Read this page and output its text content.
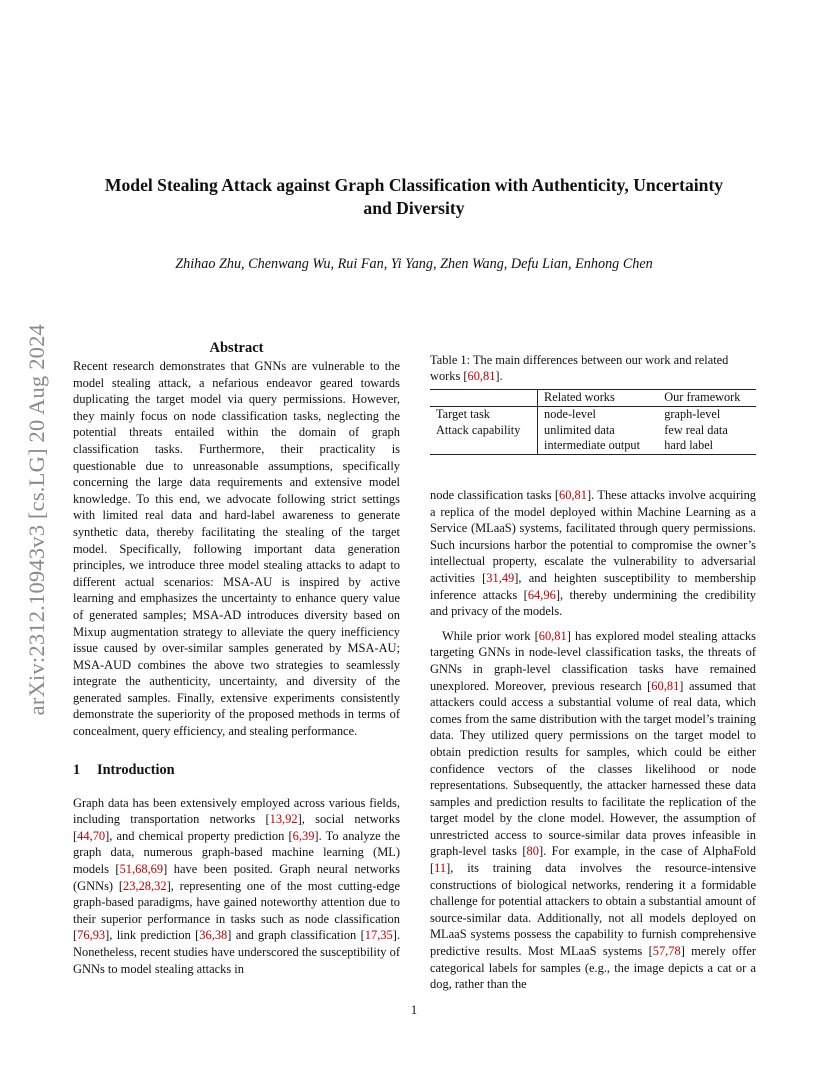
arXiv:2312.10943v3 [cs.LG] 20 Aug 2024
Model Stealing Attack against Graph Classification with Authenticity, Uncertainty
and Diversity
Zhihao Zhu, Chenwang Wu, Rui Fan, Yi Yang, Zhen Wang, Defu Lian, Enhong Chen
Abstract

Recent research demonstrates that GNNs are vulnerable to the model stealing attack, a nefarious endeavor geared towards duplicating the target model via query permissions. However, they mainly focus on node classification tasks, neglecting the potential threats entailed within the domain of graph classification tasks. Furthermore, their practicality is questionable due to unreasonable assumptions, specifically concerning the large data requirements and extensive model knowledge. To this end, we advocate following strict settings with limited real data and hard-label awareness to generate synthetic data, thereby facilitating the stealing of the target model. Specifically, following important data generation principles, we introduce three model stealing attacks to adapt to different actual scenarios: MSA-AU is inspired by active learning and emphasizes the uncertainty to enhance query value of generated samples; MSA-AD introduces diversity based on Mixup augmentation strategy to alleviate the query inefficiency issue caused by over-similar samples generated by MSA-AU; MSA-AUD combines the above two strategies to seamlessly integrate the authenticity, uncertainty, and diversity of the generated samples. Finally, extensive experiments consistently demonstrate the superiority of the proposed methods in terms of concealment, query efficiency, and stealing performance.

1 Introduction

Graph data has been extensively employed across various fields, including transportation networks [13,92], social networks [44,70], and chemical property prediction [6,39]. To analyze the graph data, numerous graph-based machine learning (ML) models [51,68,69] have been posited. Graph neural networks (GNNs) [23,28,32], representing one of the most cutting-edge graph-based paradigms, have gained noteworthy attention due to their superior performance in tasks such as node classification [76,93], link prediction [36,38] and graph classification [17,35]. Nonetheless, recent studies have underscored the susceptibility of GNNs to model stealing attacks in

Table 1: The main differences between our work and related works [60,81].

	Related works	Our framework
Target task	node-level	graph-level
Attack capability	unlimited data	few real data
	intermediate output	hard label

node classification tasks [60,81]. These attacks involve acquiring a replica of the model deployed within Machine Learning as a Service (MLaaS) systems, facilitated through query permissions. Such incursions harbor the potential to compromise the owner’s intellectual property, escalate the vulnerability to adversarial activities [31,49], and heighten susceptibility to membership inference attacks [64,96], thereby undermining the credibility and privacy of the models.

While prior work [60,81] has explored model stealing attacks targeting GNNs in node-level classification tasks, the threats of GNNs in graph-level classification tasks have remained unexplored. Moreover, previous research [60,81] assumed that attackers could access a substantial volume of real data, which comes from the same distribution with the target model’s training data. They utilized query permissions on the target model to obtain prediction results for samples, which could be either confidence vectors of the classes likelihood or node representations. Subsequently, the attacker harnessed these data samples and prediction results to facilitate the replication of the target model by the clone model. However, the assumption of unrestricted access to source-similar data proves infeasible in graph-level tasks [80]. For example, in the case of AlphaFold [11], its training data involves the resource-intensive constructions of biological networks, rendering it a formidable challenge for potential attackers to obtain a substantial amount of source-similar data. Additionally, not all models deployed on MLaaS systems possess the capability to furnish comprehensive predictive results. Most MLaaS systems [57,78] merely offer categorical labels for samples (e.g., the image depicts a cat or a dog, rather than the

1
